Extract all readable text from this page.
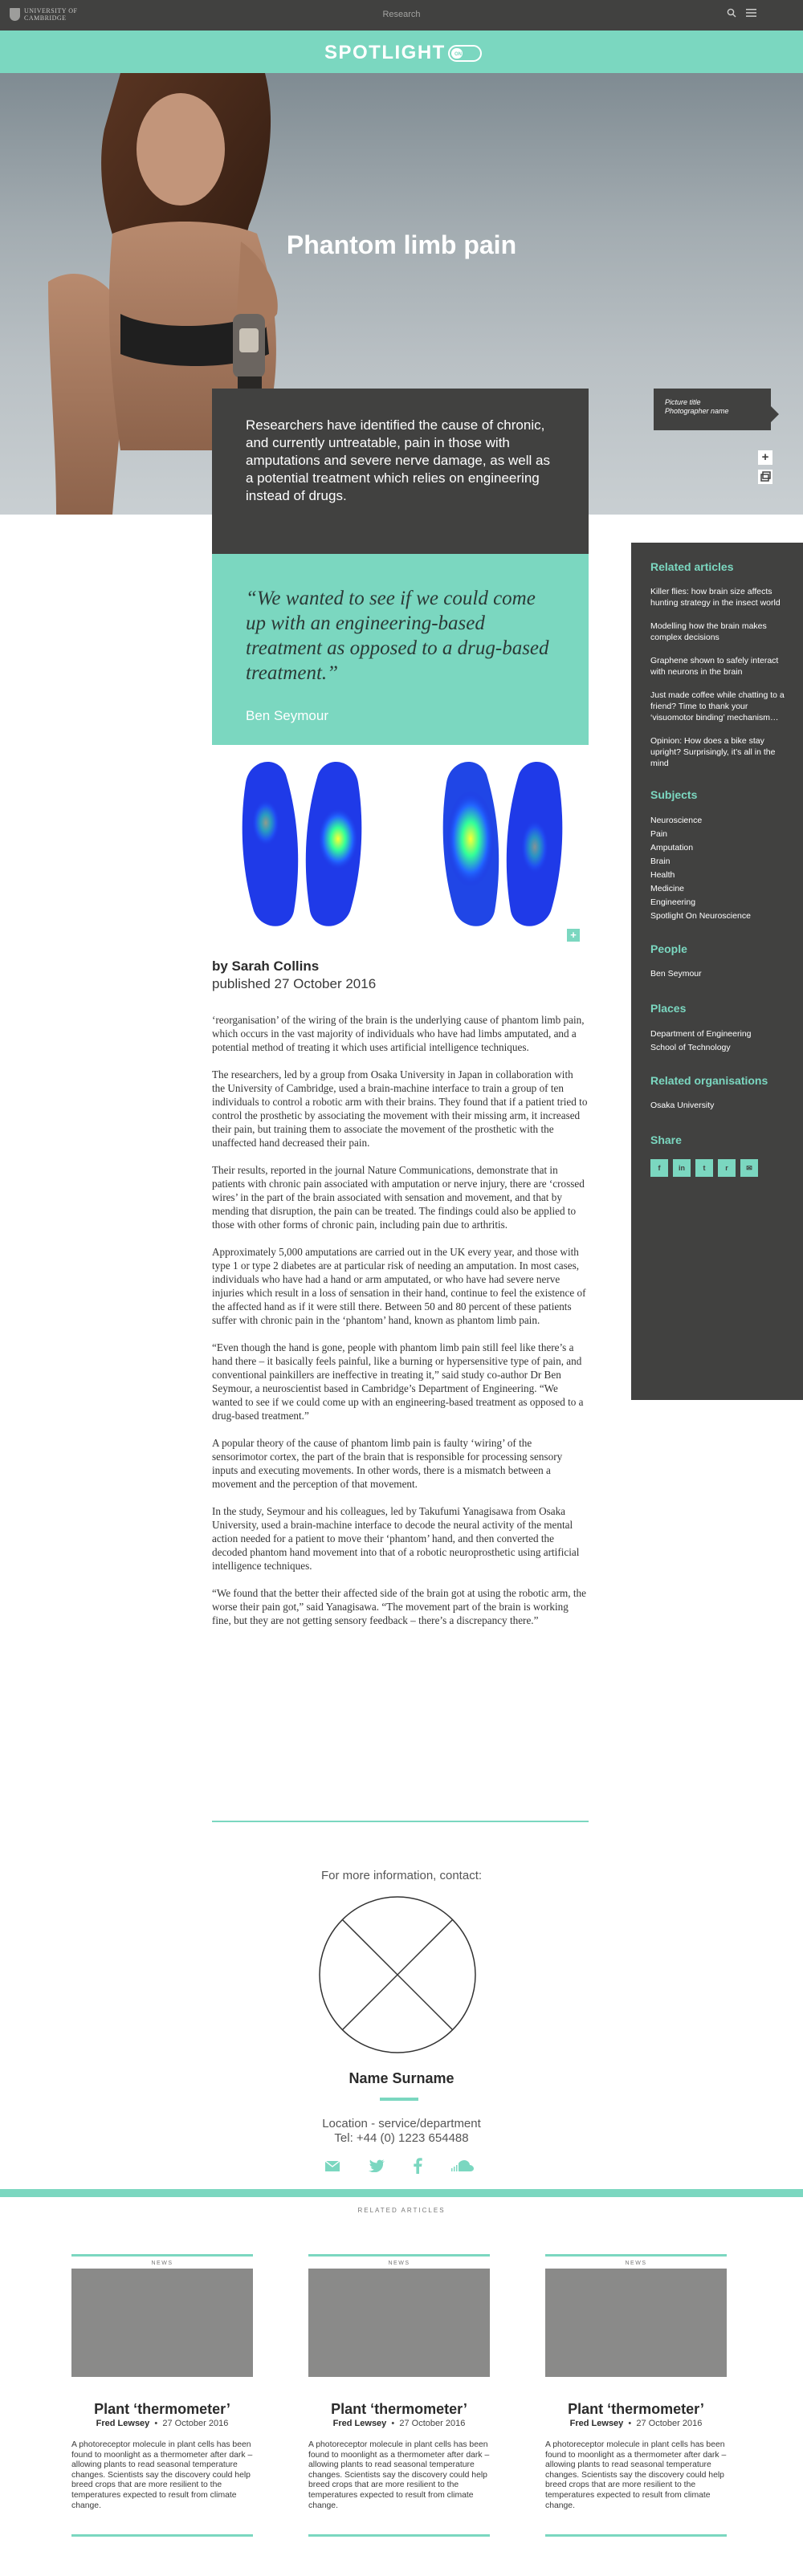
UNIVERSITY OF
CAMBRIDGE	Research
SPOTLIGHT ON
Phantom limb pain
Picture title
Photographer name
+
Researchers have identified the cause of chronic, and currently untreatable, pain in those with amputations and severe nerve damage, as well as a potential treatment which relies on engineering instead of drugs.
“We wanted to see if we could come up with an engineering-based treatment as opposed to a drug-based treatment.”
Ben Seymour
+
by Sarah Collins
published 27 October 2016

‘reorganisation’ of the wiring of the brain is the underlying cause of phantom limb pain, which occurs in the vast majority of individuals who have had limbs amputated, and a potential method of treating it which uses artificial intelligence techniques.

The researchers, led by a group from Osaka University in Japan in collaboration with the University of Cambridge, used a brain-machine interface to train a group of ten individuals to control a robotic arm with their brains. They found that if a patient tried to control the prosthetic by associating the movement with their missing arm, it increased their pain, but training them to associate the movement of the prosthetic with the unaffected hand decreased their pain.

Their results, reported in the journal Nature Communications, demonstrate that in patients with chronic pain associated with amputation or nerve injury, there are ‘crossed wires’ in the part of the brain associated with sensation and movement, and that by mending that disruption, the pain can be treated. The findings could also be applied to those with other forms of chronic pain, including pain due to arthritis.

Approximately 5,000 amputations are carried out in the UK every year, and those with type 1 or type 2 diabetes are at particular risk of needing an amputation. In most cases, individuals who have had a hand or arm amputated, or who have had severe nerve injuries which result in a loss of sensation in their hand, continue to feel the existence of the affected hand as if it were still there. Between 50 and 80 percent of these patients suffer with chronic pain in the ‘phantom’ hand, known as phantom limb pain.

“Even though the hand is gone, people with phantom limb pain still feel like there’s a hand there – it basically feels painful, like a burning or hypersensitive type of pain, and conventional painkillers are ineffective in treating it,” said study co-author Dr Ben Seymour, a neuroscientist based in Cambridge’s Department of Engineering. “We wanted to see if we could come up with an engineering-based treatment as opposed to a drug-based treatment.”

A popular theory of the cause of phantom limb pain is faulty ‘wiring’ of the sensorimotor cortex, the part of the brain that is responsible for processing sensory inputs and executing movements. In other words, there is a mismatch between a movement and the perception of that movement.

In the study, Seymour and his colleagues, led by Takufumi Yanagisawa from Osaka University, used a brain-machine interface to decode the neural activity of the mental action needed for a patient to move their ‘phantom’ hand, and then converted the decoded phantom hand movement into that of a robotic neuroprosthetic using artificial intelligence techniques.

“We found that the better their affected side of the brain got at using the robotic arm, the worse their pain got,” said Yanagisawa. “The movement part of the brain is working fine, but they are not getting sensory feedback – there’s a discrepancy there.”

Related articles
Killer flies: how brain size affects hunting strategy in the insect world
Modelling how the brain makes complex decisions
Graphene shown to safely interact with neurons in the brain
Just made coffee while chatting to a friend? Time to thank your ‘visuomotor binding’ mechanism…
Opinion: How does a bike stay upright? Surprisingly, it’s all in the mind
Subjects
Neuroscience
Pain
Amputation
Brain
Health
Medicine
Engineering
Spotlight On Neuroscience
People
Ben Seymour
Places
Department of Engineering
School of Technology
Related organisations
Osaka University
Share
f	in	t	r	✉
For more information, contact:
Name Surname
Location - service/department
Tel: +44 (0) 1223 654488
RELATED ARTICLES
NEWS
Plant ‘thermometer’
Fred Lewsey  •  27 October 2016
A photoreceptor molecule in plant cells has been found to moonlight as a thermometer after dark – allowing plants to read seasonal temperature changes. Scientists say the discovery could help breed crops that are more resilient to the temperatures expected to result from climate change.
NEWS
Plant ‘thermometer’
Fred Lewsey  •  27 October 2016
A photoreceptor molecule in plant cells has been found to moonlight as a thermometer after dark – allowing plants to read seasonal temperature changes. Scientists say the discovery could help breed crops that are more resilient to the temperatures expected to result from climate change.
NEWS
Plant ‘thermometer’
Fred Lewsey  •  27 October 2016
A photoreceptor molecule in plant cells has been found to moonlight as a thermometer after dark – allowing plants to read seasonal temperature changes. Scientists say the discovery could help breed crops that are more resilient to the temperatures expected to result from climate change.
